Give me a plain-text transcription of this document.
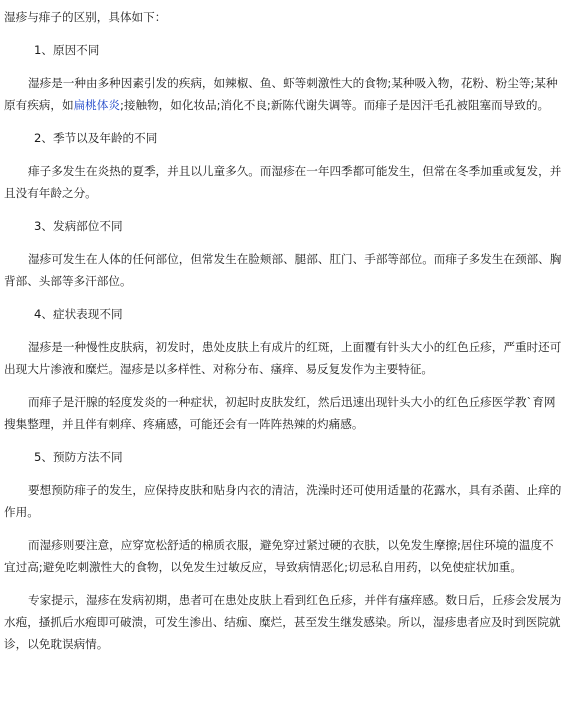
湿疹与痱子的区别，具体如下：

1、原因不同

湿疹是一种由多种因素引发的疾病，如辣椒、鱼、虾等刺激性大的食物;某种吸入物，花粉、粉尘等;某种原有疾病，如扁桃体炎;接触物，如化妆品;消化不良;新陈代谢失调等。而痱子是因汗毛孔被阻塞而导致的。

2、季节以及年龄的不同

痱子多发生在炎热的夏季，并且以儿童多久。而湿疹在一年四季都可能发生，但常在冬季加重或复发，并且没有年龄之分。

3、发病部位不同

湿疹可发生在人体的任何部位，但常发生在脸颊部、腿部、肛门、手部等部位。而痱子多发生在颈部、胸背部、头部等多汗部位。

4、症状表现不同

湿疹是一种慢性皮肤病，初发时，患处皮肤上有成片的红斑，上面覆有针头大小的红色丘疹，严重时还可出现大片渗液和糜烂。湿疹是以多样性、对称分布、瘙痒、易反复发作为主要特征。

而痱子是汗腺的轻度发炎的一种症状，初起时皮肤发红，然后迅速出现针头大小的红色丘疹医学教`育网搜集整理，并且伴有刺痒、疼痛感，可能还会有一阵阵热辣的灼痛感。

5、预防方法不同

要想预防痱子的发生，应保持皮肤和贴身内衣的清洁，洗澡时还可使用适量的花露水，具有杀菌、止痒的作用。

而湿疹则要注意，应穿宽松舒适的棉质衣服，避免穿过紧过硬的衣肤，以免发生摩擦;居住环境的温度不宜过高;避免吃刺激性大的食物，以免发生过敏反应，导致病情恶化;切忌私自用药，以免使症状加重。

专家提示，湿疹在发病初期，患者可在患处皮肤上看到红色丘疹，并伴有瘙痒感。数日后，丘疹会发展为水疱，搔抓后水疱即可破溃，可发生渗出、结痂、糜烂，甚至发生继发感染。所以，湿疹患者应及时到医院就诊，以免耽误病情。
